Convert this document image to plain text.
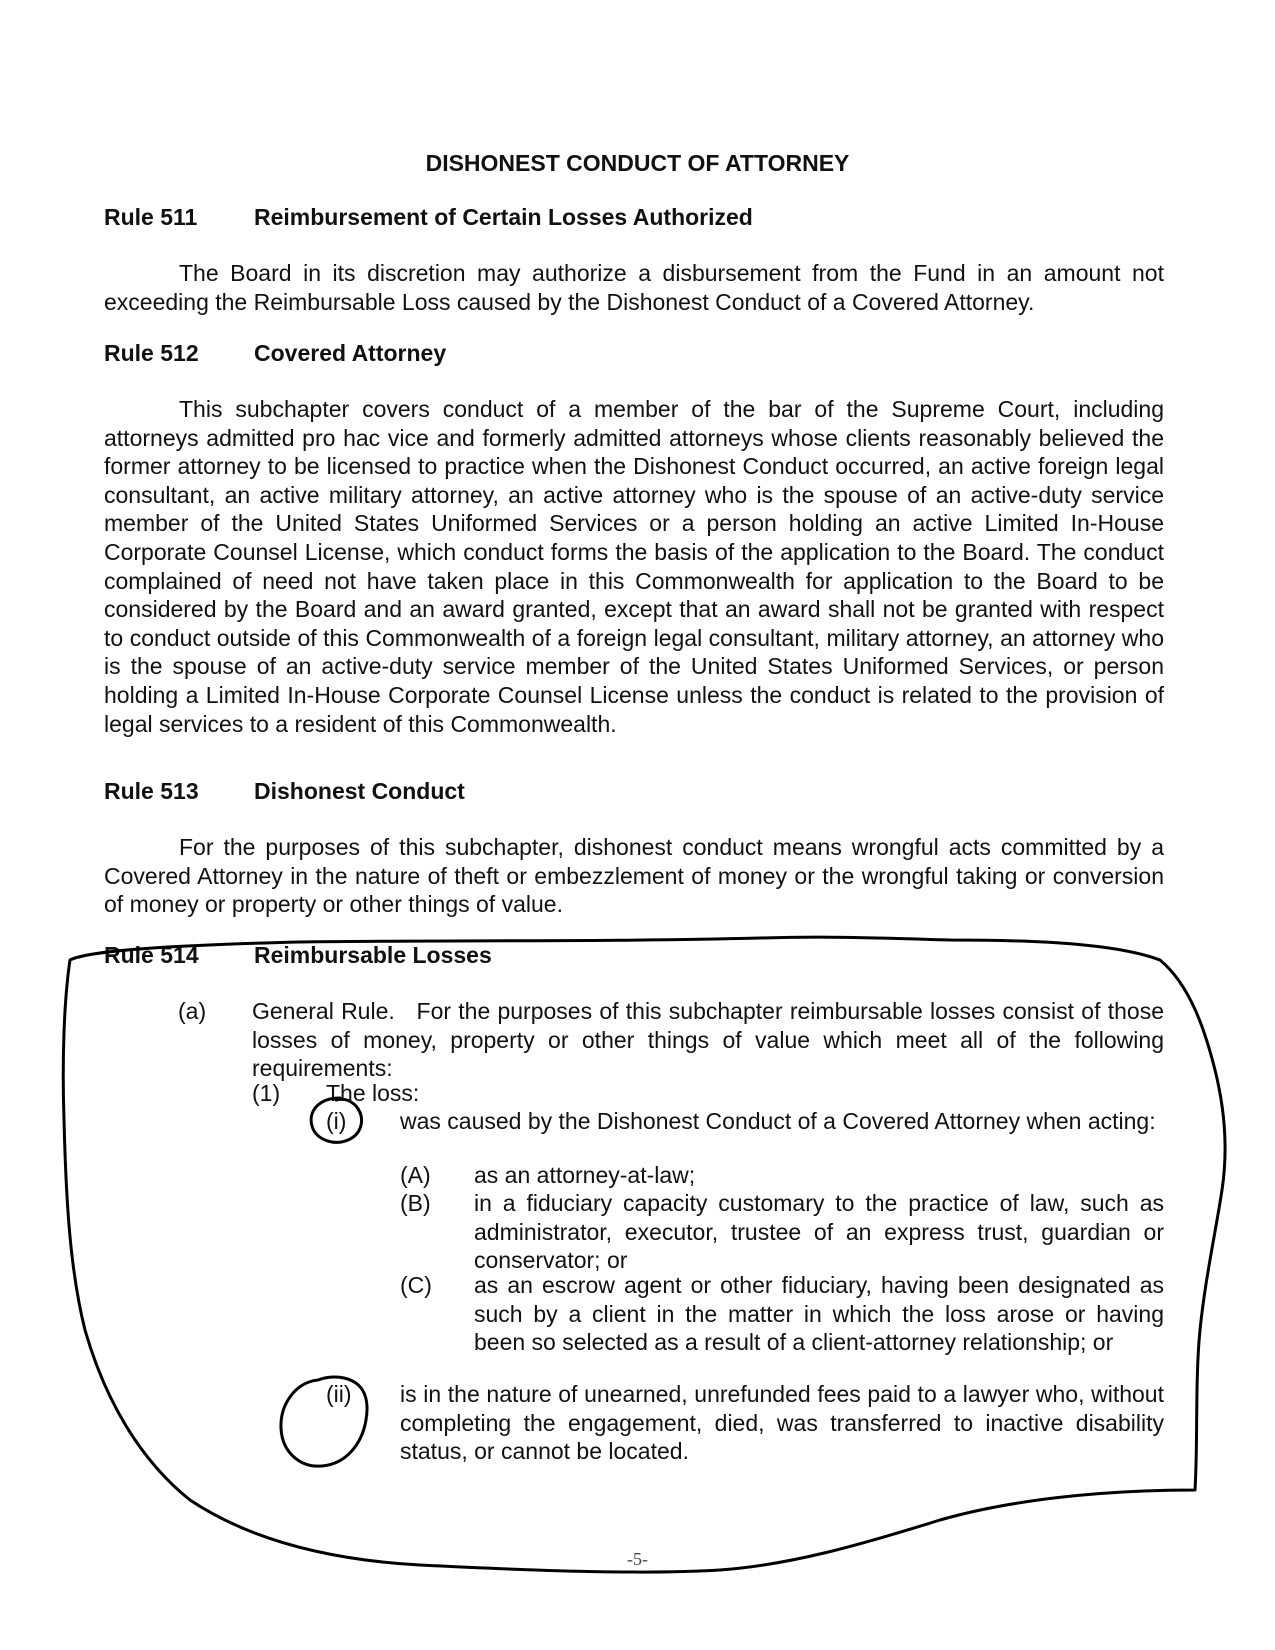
DISHONEST CONDUCT OF ATTORNEY
Rule 511 Reimbursement of Certain Losses Authorized
The Board in its discretion may authorize a disbursement from the Fund in an amount not exceeding the Reimbursable Loss caused by the Dishonest Conduct of a Covered Attorney.
Rule 512 Covered Attorney
This subchapter covers conduct of a member of the bar of the Supreme Court, including attorneys admitted pro hac vice and formerly admitted attorneys whose clients reasonably believed the former attorney to be licensed to practice when the Dishonest Conduct occurred, an active foreign legal consultant, an active military attorney, an active attorney who is the spouse of an active-duty service member of the United States Uniformed Services or a person holding an active Limited In-House Corporate Counsel License, which conduct forms the basis of the application to the Board. The conduct complained of need not have taken place in this Commonwealth for application to the Board to be considered by the Board and an award granted, except that an award shall not be granted with respect to conduct outside of this Commonwealth of a foreign legal consultant, military attorney, an attorney who is the spouse of an active-duty service member of the United States Uniformed Services, or person holding a Limited In-House Corporate Counsel License unless the conduct is related to the provision of legal services to a resident of this Commonwealth.
Rule 513 Dishonest Conduct
For the purposes of this subchapter, dishonest conduct means wrongful acts committed by a Covered Attorney in the nature of theft or embezzlement of money or the wrongful taking or conversion of money or property or other things of value.
Rule 514 Reimbursable Losses
(a) General Rule. For the purposes of this subchapter reimbursable losses consist of those losses of money, property or other things of value which meet all of the following requirements:
(1) The loss:
(i) was caused by the Dishonest Conduct of a Covered Attorney when acting:
(A) as an attorney-at-law;
(B) in a fiduciary capacity customary to the practice of law, such as administrator, executor, trustee of an express trust, guardian or conservator; or
(C) as an escrow agent or other fiduciary, having been designated as such by a client in the matter in which the loss arose or having been so selected as a result of a client-attorney relationship; or
(ii) is in the nature of unearned, unrefunded fees paid to a lawyer who, without completing the engagement, died, was transferred to inactive disability status, or cannot be located.
-5-
